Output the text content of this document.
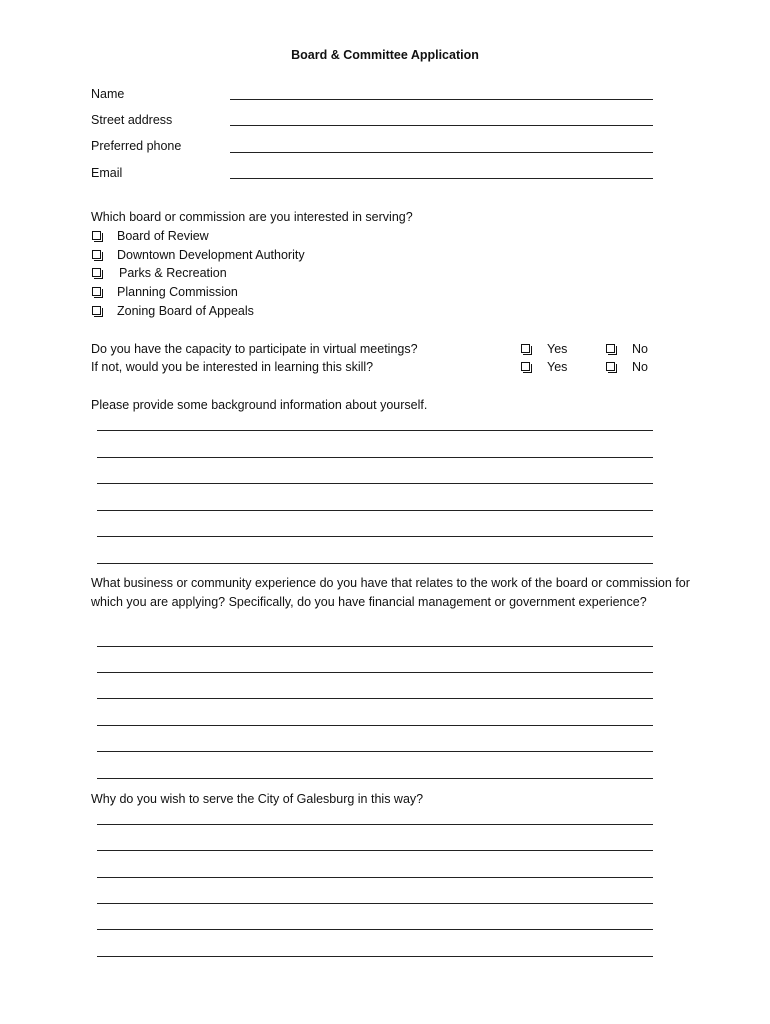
Board & Committee Application
Name
Street address
Preferred phone
Email
Which board or commission are you interested in serving?
Board of Review
Downtown Development Authority
Parks & Recreation
Planning Commission
Zoning Board of Appeals
Do you have the capacity to participate in virtual meetings?	Yes	No
If not, would you be interested in learning this skill?	Yes	No
Please provide some background information about yourself.
What business or community experience do you have that relates to the work of the board or commission for which you are applying? Specifically, do you have financial management or government experience?
Why do you wish to serve the City of Galesburg in this way?
